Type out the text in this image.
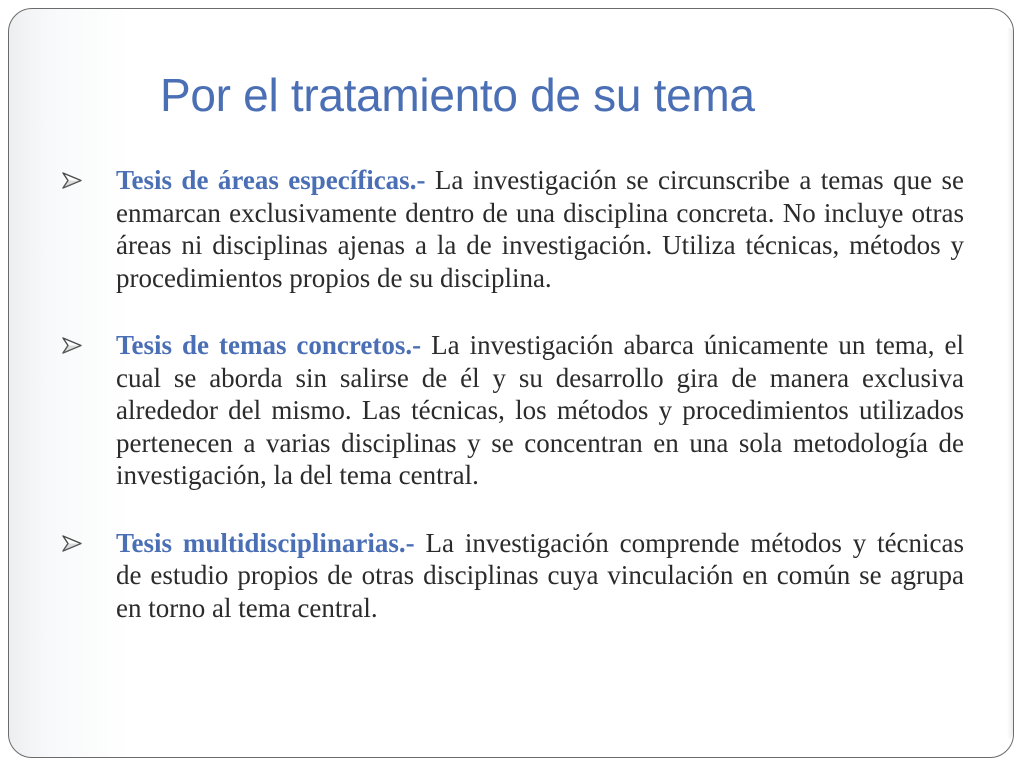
Por el tratamiento de su tema
Tesis de áreas específicas.- La investigación se circunscribe a temas que se enmarcan exclusivamente dentro de una disciplina concreta. No incluye otras áreas ni disciplinas ajenas a la de investigación. Utiliza técnicas, métodos y procedimientos propios de su disciplina.
Tesis de temas concretos.- La investigación abarca únicamente un tema, el cual se aborda sin salirse de él y su desarrollo gira de manera exclusiva alrededor del mismo. Las técnicas, los métodos y procedimientos utilizados pertenecen a varias disciplinas y se concentran en una sola metodología de investigación, la del tema central.
Tesis multidisciplinarias.- La investigación comprende métodos y técnicas de estudio propios de otras disciplinas cuya vinculación en común se agrupa en torno al tema central.
